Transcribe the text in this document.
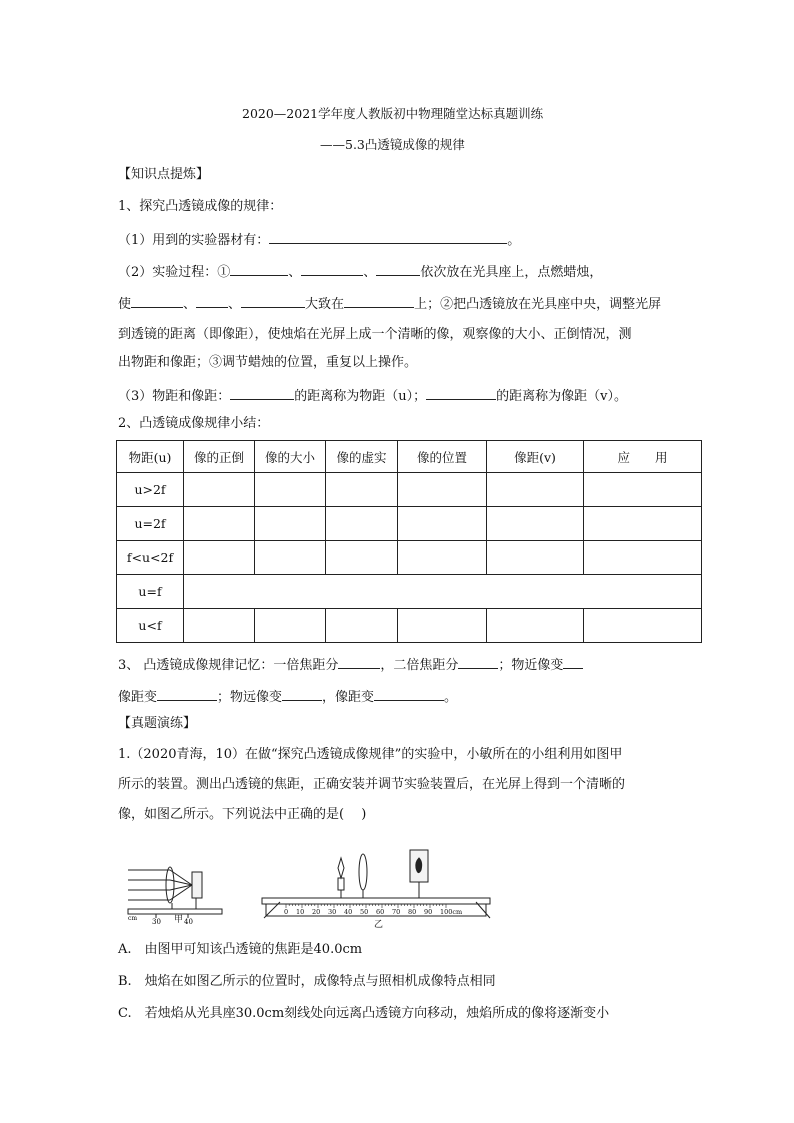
2020—2021学年度人教版初中物理随堂达标真题训练
——5.3凸透镜成像的规律
【知识点提炼】
1、探究凸透镜成像的规律：
（1）用到的实验器材有：	。
（2）实验过程：①	、	、	依次放在光具座上，点燃蜡烛，
使	、 、	大致在	上；②把凸透镜放在光具座中央，调整光屏
到透镜的距离（即像距），使烛焰在光屏上成一个清晰的像，观察像的大小、正倒情况，测
出物距和像距；③调节蜡烛的位置，重复以上操作。
（3）物距和像距：	的距离称为物距（u）；	的距离称为像距（v）。
2、凸透镜成像规律小结：
物距(u)	像的正倒	像的大小	像的虚实	像的位置	像距(v)	应　　用
u>2f						
u=2f						
f<u<2f						
u=f						
u<f						
3、 凸透镜成像规律记忆：一倍焦距分	，二倍焦距分	；物近像变
像距变	；物远像变	，像距变	。
【真题演练】
1.（2020青海，10）在做“探究凸透镜成像规律”的实验中，小敏所在的小组利用如图甲
所示的装置。测出凸透镜的焦距，正确安装并调节实验装置后，在光屏上得到一个清晰的
像，如图乙所示。下列说法中正确的是(　 )
cm 30	40
甲
0 10 20 30 40 50 60 70 80 90 100cm
乙
A.　由图甲可知该凸透镜的焦距是40.0cm
B.　烛焰在如图乙所示的位置时，成像特点与照相机成像特点相同
C.　若烛焰从光具座30.0cm刻线处向远离凸透镜方向移动，烛焰所成的像将逐渐变小
